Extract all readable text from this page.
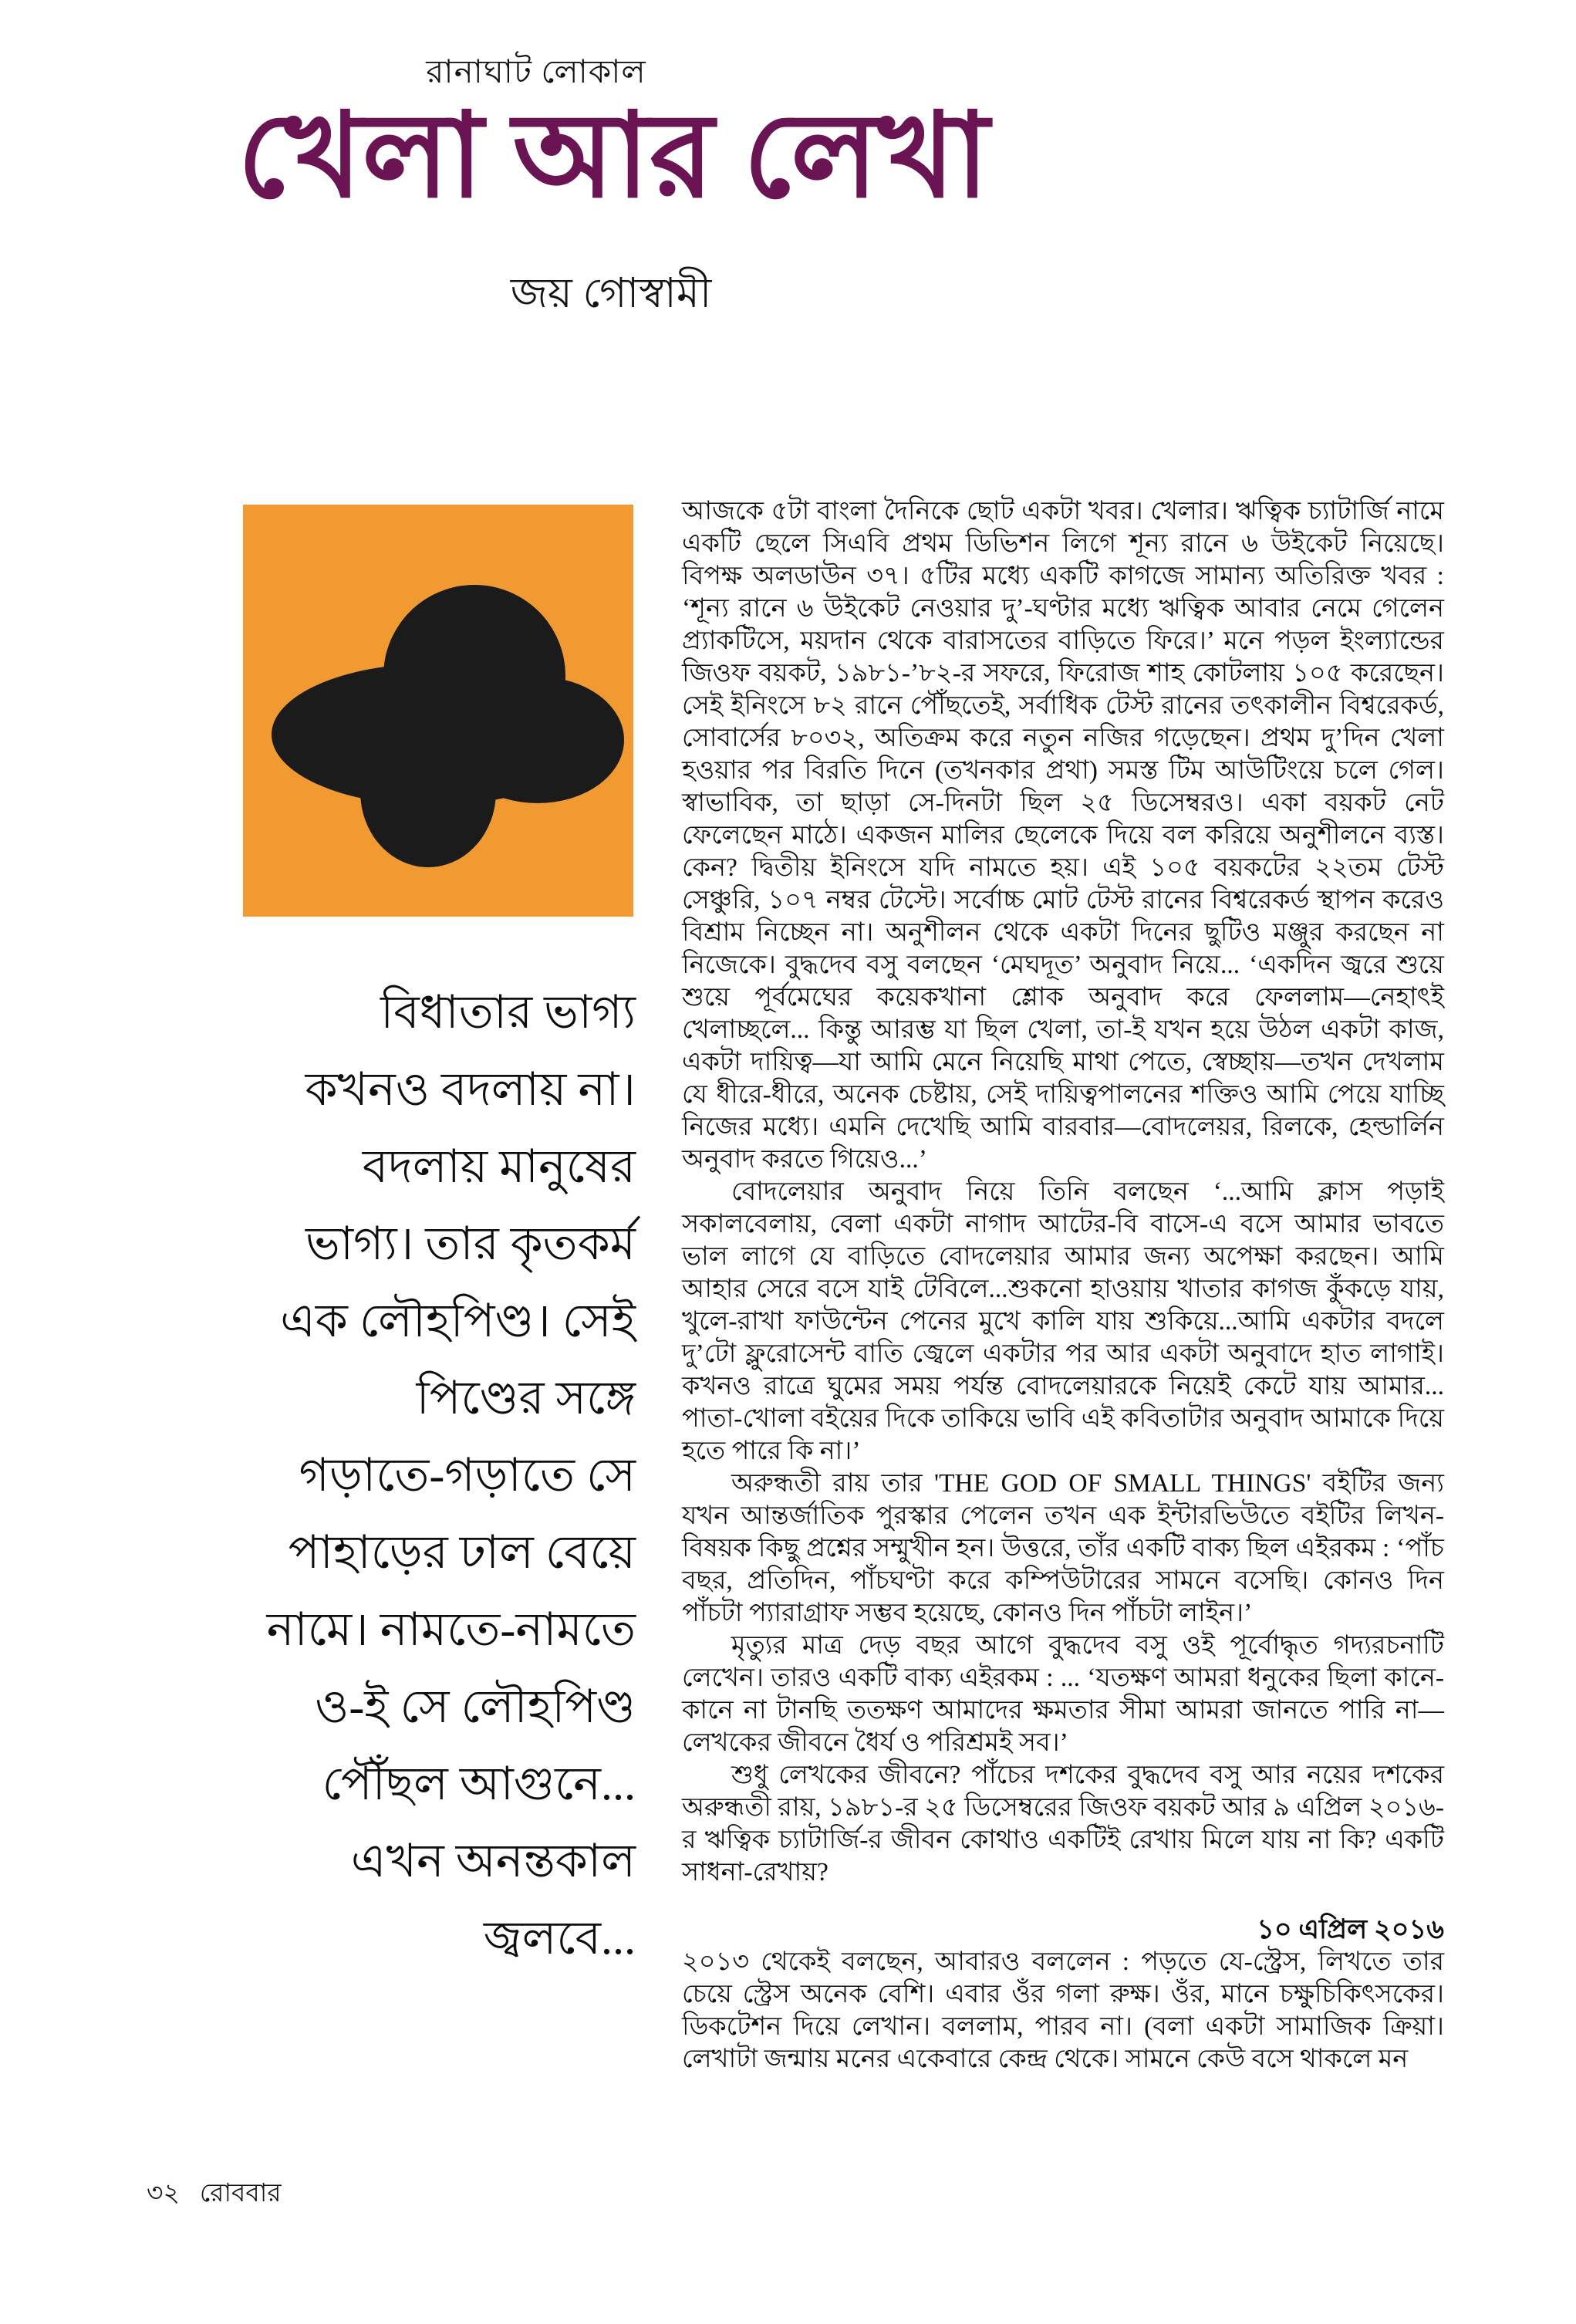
রানাঘাট লোকাল
খেলা আর লেখা
জয় গোস্বামী
বিধাতার ভাগ্য
কখনও বদলায় না।
বদলায় মানুষের
ভাগ্য। তার কৃতকর্ম
এক লৌহপিণ্ড। সেই
পিণ্ডের সঙ্গে
গড়াতে-গড়াতে সে
পাহাড়ের ঢাল বেয়ে
নামে। নামতে-নামতে
ও-ই সে লৌহপিণ্ড
পৌঁছল আগুনে...
এখন অনন্তকাল
জ্বলবে...

আজকে ৫টা বাংলা দৈনিকে ছোট একটা খবর। খেলার। ঋত্বিক চ্যাটার্জি নামে একটি ছেলে সিএবি প্রথম ডিভিশন লিগে শূন্য রানে ৬ উইকেট নিয়েছে। বিপক্ষ অলডাউন ৩৭। ৫টির মধ্যে একটি কাগজে সামান্য অতিরিক্ত খবর : ‘শূন্য রানে ৬ উইকেট নেওয়ার দু’-ঘণ্টার মধ্যে ঋত্বিক আবার নেমে গেলেন প্র্যাকটিসে, ময়দান থেকে বারাসতের বাড়িতে ফিরে।’ মনে পড়ল ইংল্যান্ডের জিওফ বয়কট, ১৯৮১-’৮২-র সফরে, ফিরোজ শাহ কোটলায় ১০৫ করেছেন। সেই ইনিংসে ৮২ রানে পৌঁছতেই, সর্বাধিক টেস্ট রানের তৎকালীন বিশ্বরেকর্ড, সোবার্সের ৮০৩২, অতিক্রম করে নতুন নজির গড়েছেন। প্রথম দু’দিন খেলা হওয়ার পর বিরতি দিনে (তখনকার প্রথা) সমস্ত টিম আউটিংয়ে চলে গেল। স্বাভাবিক, তা ছাড়া সে-দিনটা ছিল ২৫ ডিসেম্বরও। একা বয়কট নেট ফেলেছেন মাঠে। একজন মালির ছেলেকে দিয়ে বল করিয়ে অনুশীলনে ব্যস্ত। কেন? দ্বিতীয় ইনিংসে যদি নামতে হয়। এই ১০৫ বয়কটের ২২তম টেস্ট সেঞ্চুরি, ১০৭ নম্বর টেস্টে। সর্বোচ্চ মোট টেস্ট রানের বিশ্বরেকর্ড স্থাপন করেও বিশ্রাম নিচ্ছেন না। অনুশীলন থেকে একটা দিনের ছুটিও মঞ্জুর করছেন না নিজেকে। বুদ্ধদেব বসু বলছেন ‘মেঘদূত’ অনুবাদ নিয়ে... ‘একদিন জ্বরে শুয়ে শুয়ে পূর্বমেঘের কয়েকখানা শ্লোক অনুবাদ করে ফেললাম—নেহাৎই খেলাচ্ছলে... কিন্তু আরম্ভ যা ছিল খেলা, তা-ই যখন হয়ে উঠল একটা কাজ, একটা দায়িত্ব—যা আমি মেনে নিয়েছি মাথা পেতে, স্বেচ্ছায়—তখন দেখলাম যে ধীরে-ধীরে, অনেক চেষ্টায়, সেই দায়িত্বপালনের শক্তিও আমি পেয়ে যাচ্ছি নিজের মধ্যে। এমনি দেখেছি আমি বারবার—বোদলেয়র, রিলকে, হেল্ডার্লিন অনুবাদ করতে গিয়েও...’

বোদলেয়ার অনুবাদ নিয়ে তিনি বলছেন ‘...আমি ক্লাস পড়াই সকালবেলায়, বেলা একটা নাগাদ আটের-বি বাসে-এ বসে আমার ভাবতে ভাল লাগে যে বাড়িতে বোদলেয়ার আমার জন্য অপেক্ষা করছেন। আমি আহার সেরে বসে যাই টেবিলে...শুকনো হাওয়ায় খাতার কাগজ কুঁকড়ে যায়, খুলে-রাখা ফাউন্টেন পেনের মুখে কালি যায় শুকিয়ে...আমি একটার বদলে দু’টো ফ্লুরোসেন্ট বাতি জ্বেলে একটার পর আর একটা অনুবাদে হাত লাগাই। কখনও রাত্রে ঘুমের সময় পর্যন্ত বোদলেয়ারকে নিয়েই কেটে যায় আমার... পাতা-খোলা বইয়ের দিকে তাকিয়ে ভাবি এই কবিতাটার অনুবাদ আমাকে দিয়ে হতে পারে কি না।’

অরুন্ধতী রায় তার 'THE GOD OF SMALL THINGS' বইটির জন্য যখন আন্তর্জাতিক পুরস্কার পেলেন তখন এক ইন্টারভিউতে বইটির লিখন-বিষয়ক কিছু প্রশ্নের সম্মুখীন হন। উত্তরে, তাঁর একটি বাক্য ছিল এইরকম : ‘পাঁচ বছর, প্রতিদিন, পাঁচঘণ্টা করে কম্পিউটারের সামনে বসেছি। কোনও দিন পাঁচটা প্যারাগ্রাফ সম্ভব হয়েছে, কোনও দিন পাঁচটা লাইন।’

মৃত্যুর মাত্র দেড় বছর আগে বুদ্ধদেব বসু ওই পূর্বোদ্ধৃত গদ্যরচনাটি লেখেন। তারও একটি বাক্য এইরকম : ... ‘যতক্ষণ আমরা ধনুকের ছিলা কানে-কানে না টানছি ততক্ষণ আমাদের ক্ষমতার সীমা আমরা জানতে পারি না—লেখকের জীবনে ধৈর্য ও পরিশ্রমই সব।’

শুধু লেখকের জীবনে? পাঁচের দশকের বুদ্ধদেব বসু আর নয়ের দশকের অরুন্ধতী রায়, ১৯৮১-র ২৫ ডিসেম্বরের জিওফ বয়কট আর ৯ এপ্রিল ২০১৬-র ঋত্বিক চ্যাটার্জি-র জীবন কোথাও একটিই রেখায় মিলে যায় না কি? একটি সাধনা-রেখায়?

১০ এপ্রিল ২০১৬

২০১৩ থেকেই বলছেন, আবারও বললেন : পড়তে যে-স্ট্রেস, লিখতে তার চেয়ে স্ট্রেস অনেক বেশি। এবার ওঁর গলা রুক্ষ। ওঁর, মানে চক্ষুচিকিৎসকের। ডিকটেশন দিয়ে লেখান। বললাম, পারব না। (বলা একটা সামাজিক ক্রিয়া। লেখাটা জন্মায় মনের একেবারে কেন্দ্র থেকে। সামনে কেউ বসে থাকলে মন

৩২ রোববার
